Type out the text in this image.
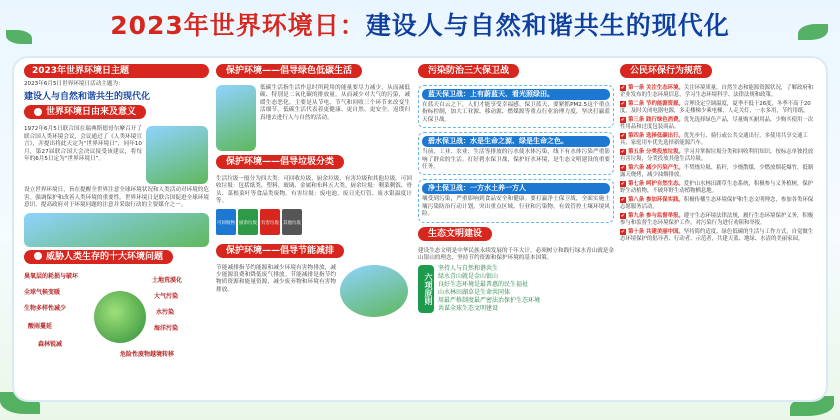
2023年世界环境日：建设人与自然和谐共生的现代化
2023年世界环境日主题
2023年6月5日世界环境日活动主题为：
建设人与自然和谐共生的现代化
世界环境日由来及意义
1972年6月5日联合国在瑞典斯德哥尔摩召开了联合国人类环境会议，会议通过了《人类环境宣言》，并提出将此天定为“世界环境日”，同年10月，第27届联合国大会决议接受该建议，将每年的6月5日定为“世界环境日”。
设立世界环境日，旨在提醒全世界注意全球环境状况和人类活动对环境的危害。强调保护和改善人类环境的重要性。世界环境日是联合国促进全球环境意识、提高政府对于环境问题的注意并采取行动的主要媒介之一。
威胁人类生存的十大环境问题
臭氧层的耗损与破坏
全球气候变暖
生物多样性减少
酸雨蔓延
森林锐减
土地荒漠化
大气污染
水污染
海洋污染
危险性废物越境转移
保护环境——倡导绿色低碳生活
低碳生活指生活作息时所耗用的能量要尽力减少，从而减低碳、特别是二氧化碳的排放量，从而减少对大气的污染，减缓生态恶化。主要是从节电、节气和回收三个环节来改变生活细节。低碳生活代表着更健康、更自然、更安全，返璞归真地去进行人与自然的活动。
保护环境——倡导垃圾分类
生活垃圾一般分为四大类：可回收垃圾、厨余垃圾、有害垃圾和其他垃圾。可回收垃圾：包括纸类、塑料、玻璃、金属和布料五大类。厨余垃圾：剩菜剩饭、骨头、菜根菜叶等食品类废物。有害垃圾：废电池、废日光灯管、废水银温度计等。
可回收物 厨余垃圾 有害垃圾 其他垃圾
保护环境——倡导节能减排
节能减排指节约能源和减少环境有害物排放，减少能源浪费和降低废气排放。节能减排是指节约物质资源和能量资源，减少废弃物和环境有害物排放。
污染防治三大保卫战
蓝天保卫战：上有蔚蓝天、看光照绿田。
在蓝天白云之下，人们才能享受幸福感。保卫蓝天，要紧抓PM2.5这个重点指标控制，加大工业源、移动源、燃煤源等重点行业治理力度，坚决打赢蓝天保卫战。
碧水保卫战：水是生命之源、绿是生命之色。
当前，工业、农业、生活等排放的污水使水体污染，线下有水体污染严重影响了群众的生活。打好碧水保卫战，保护好水环境，是生态文明建设的重要任务。
净土保卫战：一方水土养一方人
壤受到污染，严重影响到食品安全和健康。要打赢净土保卫战，全面实施土壤污染防治行动计划，突出重点区域、行业和污染物，有效管控土壤环境风险。
生态文明建设
建设生态文明是中华民族永续发展的千年大计。必须树立和践行绿水青山就是金山银山的理念，坚持节约资源和保护环境的基本国策。
六项原则
坚持人与自然和谐共生
绿水青山就是金山银山
良好生态环境是最普惠的民生福祉
山水林田湖草是生命共同体
用最严格制度最严密法治保护生态环境
共谋全球生态文明建设
公民环保行为规范
✔ 第一条 关注生态环境。关注环境质量，自然生态和能源资源状况，了解政府和企业发布的生态环境信息，学习生态环境科学、法律法规和政策。
✔ 第二条 节约能源资源。合理设定空调温度，夏季不低于26度，冬季不高于20度，及时关闭电器电源，多走楼梯少乘电梯，人走关灯，一水多用，节约用纸。
✔ 第三条 践行绿色消费。优先选择绿色产品，尽量购买耐用品，少购买使用一次性用品和过度包装商品。
✔ 第四条 选择低碳出行。优先步行、骑行或公共交通出行，多使用共享交通工具，家庭用车优先选择新能源汽车。
✔ 第五条 分类投放垃圾。学习并掌握垃圾分类和回收利用知识，按标志单独投放有害垃圾，分类投放其他生活垃圾。
✔ 第六条 减少污染产生。不焚烧垃圾、秸秆，少烧散煤，少燃放烟花爆竹，抵制露天烧烤，减少油烟排放。
✔ 第七条 呵护自然生态。爱护山水林田湖草生态系统，积极参与义务植树，保护野生动植物，不破坏野生动植物栖息地。
✔ 第八条 参加环保实践。积极传播生态环境保护和生态文明理念，参加各类环保志愿服务活动。
✔ 第九条 参与监督举报。遵守生态环境法律法规，履行生态环境保护义务，积极参与和监督生态环境保护工作，对污染行为进行劝阻和举报。
✔ 第十条 共建美丽中国。坚持简约适度、绿色低碳的生活与工作方式，自觉做生态环境保护的倡导者、行动者、示范者，共建天蓝、地绿、水清的美丽家园。
